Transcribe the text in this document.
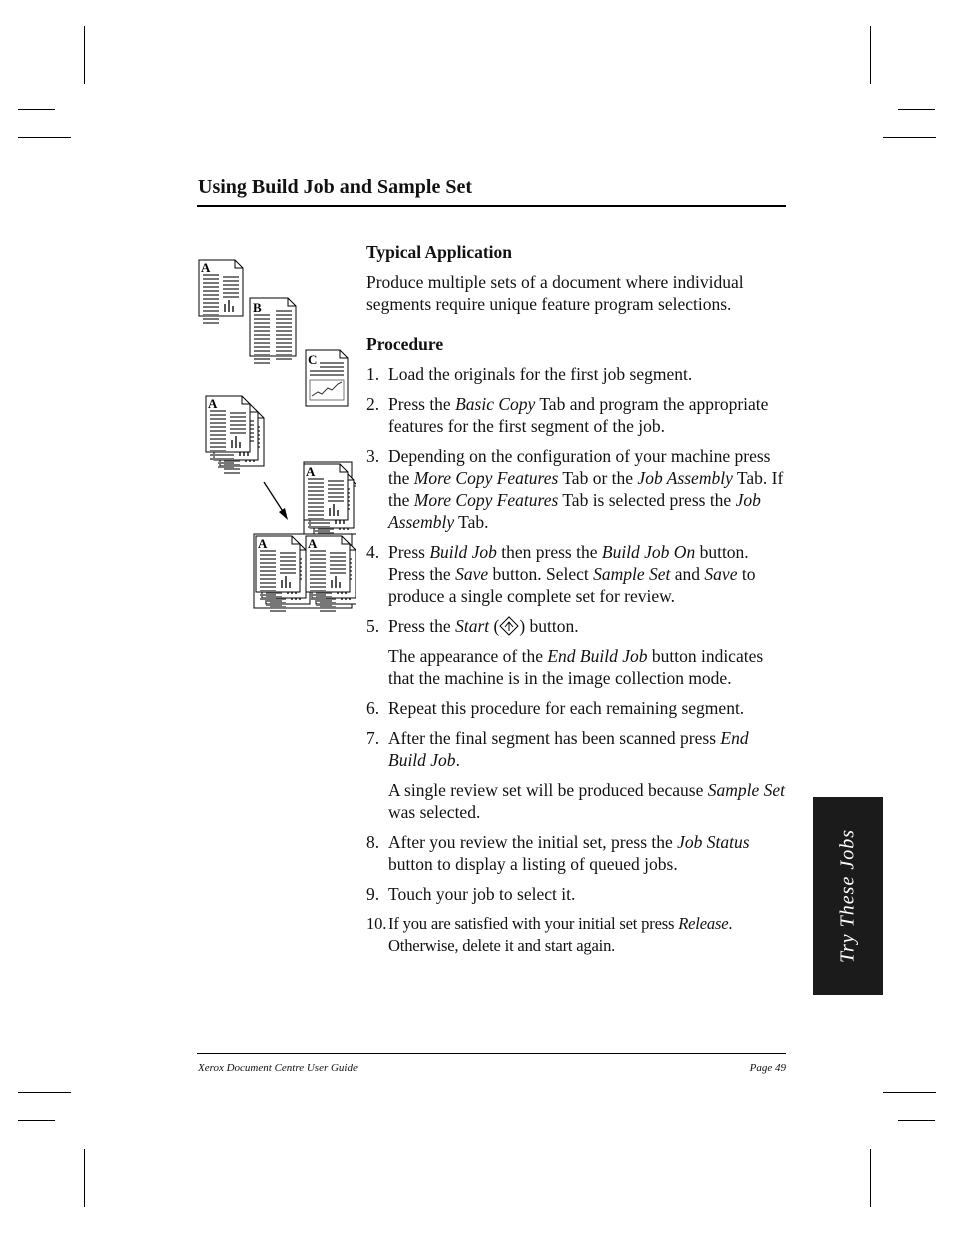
Using Build Job and Sample Set
A
B
C
A
A
A	A
Typical Application

Produce multiple sets of a document where individual segments require unique feature program selections.

Procedure
1. Load the originals for the first job segment.
2. Press the Basic Copy Tab and program the appropriate features for the first segment of the job.
3. Depending on the configuration of your machine press the More Copy Features Tab or the Job Assembly Tab. If the More Copy Features Tab is selected press the Job Assembly Tab.
4. Press Build Job then press the Build Job On button. Press the Save button. Select Sample Set and Save to produce a single complete set for review.
5. Press the Start ( ) button.
The appearance of the End Build Job button indicates that the machine is in the image collection mode.
6. Repeat this procedure for each remaining segment.
7. After the final segment has been scanned press End Build Job.
A single review set will be produced because Sample Set was selected.
8. After you review the initial set, press the Job Status button to display a listing of queued jobs.
9. Touch your job to select it.
10. If you are satisfied with your initial set press Release. Otherwise, delete it and start again.	Try These Jobs
Xerox Document Centre User Guide	Page 49
